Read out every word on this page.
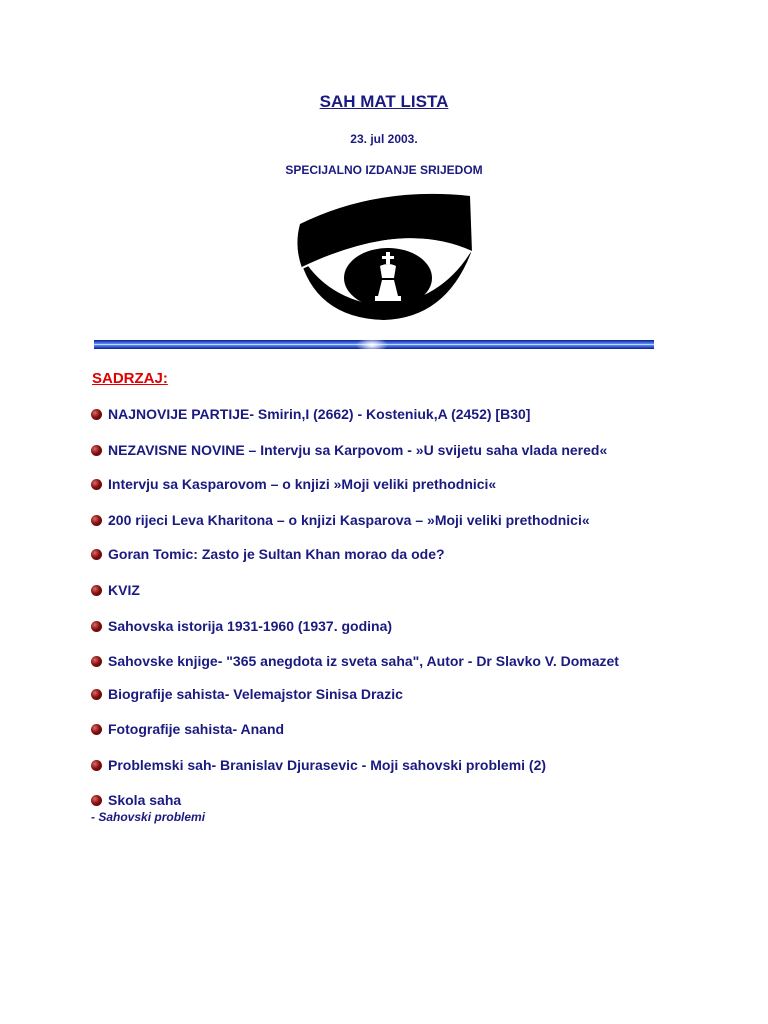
SAH MAT LISTA
23. jul 2003.
SPECIJALNO IZDANJE SRIJEDOM
SADRZAJ:
NAJNOVIJE PARTIJE- Smirin,I (2662) - Kosteniuk,A (2452) [B30]
NEZAVISNE NOVINE – Intervju sa Karpovom - »U svijetu saha vlada nered«
Intervju sa Kasparovom – o knjizi »Moji veliki prethodnici«
200 rijeci Leva Kharitona – o knjizi Kasparova – »Moji veliki prethodnici«
Goran Tomic: Zasto je Sultan Khan morao da ode?
KVIZ
Sahovska istorija 1931-1960 (1937. godina)
Sahovske knjige- "365 anegdota iz sveta saha", Autor - Dr Slavko V. Domazet
Biografije sahista- Velemajstor Sinisa Drazic
Fotografije sahista- Anand
Problemski sah- Branislav Djurasevic - Moji sahovski problemi (2)
Skola saha
- Sahovski problemi
